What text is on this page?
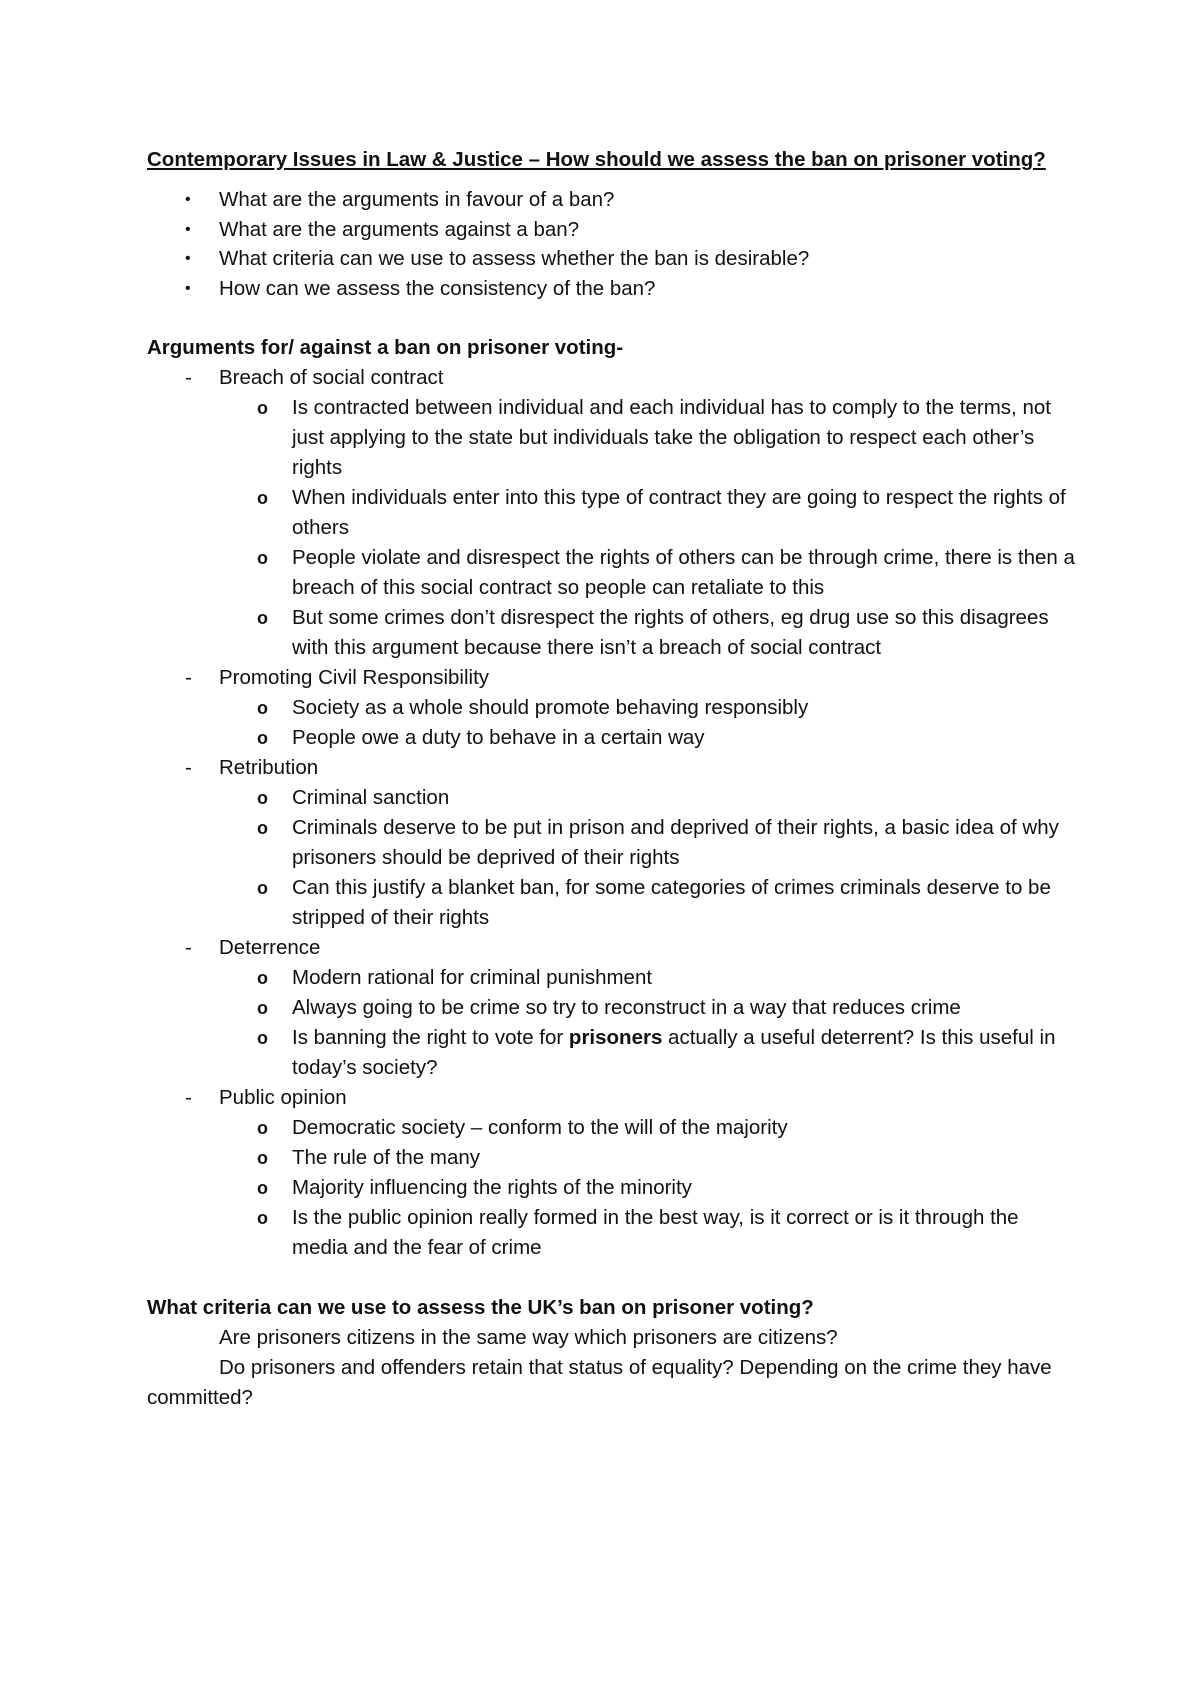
Contemporary Issues in Law & Justice – How should we assess the ban on prisoner voting?
• What are the arguments in favour of a ban?
• What are the arguments against a ban?
• What criteria can we use to assess whether the ban is desirable?
• How can we assess the consistency of the ban?
Arguments for/ against a ban on prisoner voting-
- Breach of social contract
o Is contracted between individual and each individual has to comply to the terms, not just applying to the state but individuals take the obligation to respect each other’s rights
o When individuals enter into this type of contract they are going to respect the rights of others
o People violate and disrespect the rights of others can be through crime, there is then a breach of this social contract so people can retaliate to this
o But some crimes don’t disrespect the rights of others, eg drug use so this disagrees with this argument because there isn’t a breach of social contract
- Promoting Civil Responsibility
o Society as a whole should promote behaving responsibly
o People owe a duty to behave in a certain way
- Retribution
o Criminal sanction
o Criminals deserve to be put in prison and deprived of their rights, a basic idea of why prisoners should be deprived of their rights
o Can this justify a blanket ban, for some categories of crimes criminals deserve to be stripped of their rights
- Deterrence
o Modern rational for criminal punishment
o Always going to be crime so try to reconstruct in a way that reduces crime
o Is banning the right to vote for prisoners actually a useful deterrent? Is this useful in today’s society?
- Public opinion
o Democratic society – conform to the will of the majority
o The rule of the many
o Majority influencing the rights of the minority
o Is the public opinion really formed in the best way, is it correct or is it through the media and the fear of crime
What criteria can we use to assess the UK’s ban on prisoner voting?

Are prisoners citizens in the same way which prisoners are citizens?

Do prisoners and offenders retain that status of equality? Depending on the crime they have committed?
